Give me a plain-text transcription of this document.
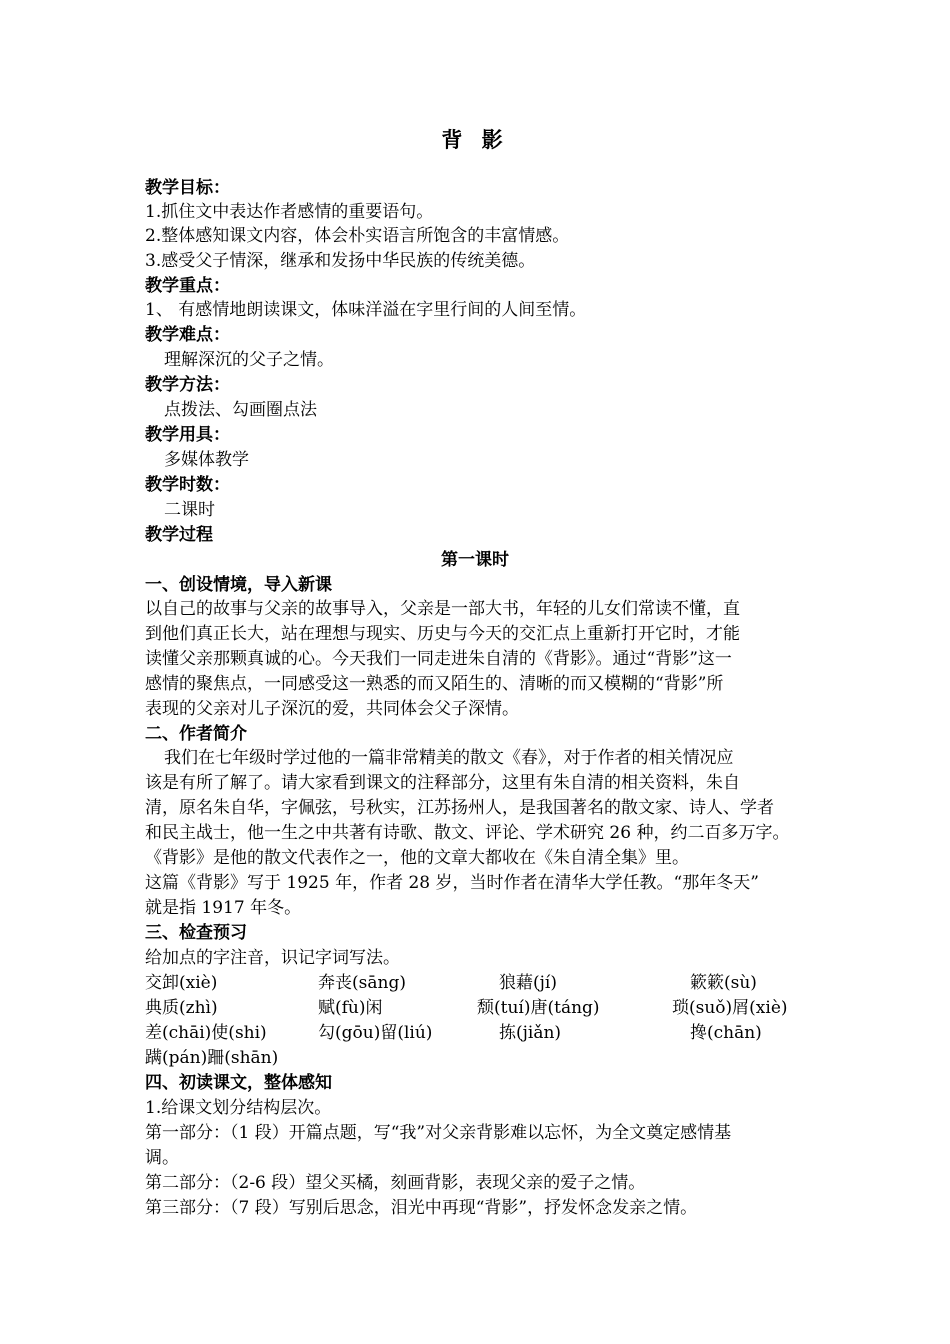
背 影
教学目标：
1.抓住文中表达作者感情的重要语句。
2.整体感知课文内容，体会朴实语言所饱含的丰富情感。
3.感受父子情深，继承和发扬中华民族的传统美德。
教学重点：
1、 有感情地朗读课文，体味洋溢在字里行间的人间至情。
教学难点：
理解深沉的父子之情。
教学方法：
点拨法、勾画圈点法
教学用具：
多媒体教学
教学时数：
二课时
教学过程
第一课时
一、创设情境，导入新课
以自己的故事与父亲的故事导入，父亲是一部大书，年轻的儿女们常读不懂，直
到他们真正长大，站在理想与现实、历史与今天的交汇点上重新打开它时，才能
读懂父亲那颗真诚的心。今天我们一同走进朱自清的《背影》。通过“背影”这一
感情的聚焦点，一同感受这一熟悉的而又陌生的、清晰的而又模糊的“背影”所
表现的父亲对儿子深沉的爱，共同体会父子深情。
二、作者简介
我们在七年级时学过他的一篇非常精美的散文《春》，对于作者的相关情况应
该是有所了解了。请大家看到课文的注释部分，这里有朱自清的相关资料，朱自
清，原名朱自华，字佩弦，号秋实，江苏扬州人，是我国著名的散文家、诗人、学者
和民主战士，他一生之中共著有诗歌、散文、评论、学术研究 26 种，约二百多万字。
《背影》是他的散文代表作之一，他的文章大都收在《朱自清全集》里。
这篇《背影》写于 1925 年，作者 28 岁，当时作者在清华大学任教。“那年冬天”
就是指 1917 年冬。
三、检查预习
给加点的字注音，识记字词写法。
交卸(xiè)	奔丧(sāng)	狼藉(jí)	簌簌(sù)
典质(zhì)	赋(fù)闲	颓(tuí)唐(táng)	琐(suǒ)屑(xiè)
差(chāi)使(shi)	勾(gōu)留(liú)	拣(jiǎn)	搀(chān)
蹒(pán)跚(shān)
四、初读课文，整体感知
1.给课文划分结构层次。
第一部分：（1 段）开篇点题，写“我”对父亲背影难以忘怀，为全文奠定感情基
调。
第二部分：（2-6 段）望父买橘，刻画背影，表现父亲的爱子之情。
第三部分：（7 段）写别后思念，泪光中再现“背影”，抒发怀念发亲之情。
